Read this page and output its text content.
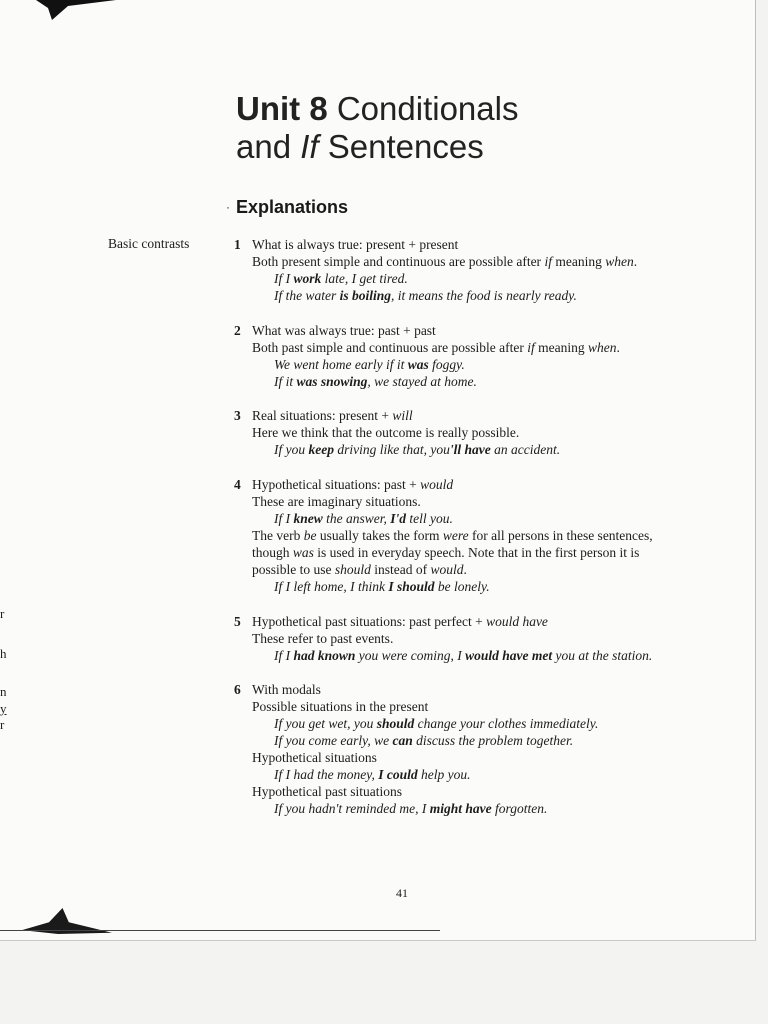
Unit 8 Conditionals
and If Sentences
· Explanations
Basic contrasts
r
h
n
y
r
1 What is always true: present + present
Both present simple and continuous are possible after if meaning when.
If I work late, I get tired.
If the water is boiling, it means the food is nearly ready.
2 What was always true: past + past
Both past simple and continuous are possible after if meaning when.
We went home early if it was foggy.
If it was snowing, we stayed at home.
3 Real situations: present + will
Here we think that the outcome is really possible.
If you keep driving like that, you'll have an accident.
4 Hypothetical situations: past + would
These are imaginary situations.
If I knew the answer, I'd tell you.
The verb be usually takes the form were for all persons in these sentences,
though was is used in everyday speech. Note that in the first person it is
possible to use should instead of would.
If I left home, I think I should be lonely.
5 Hypothetical past situations: past perfect + would have
These refer to past events.
If I had known you were coming, I would have met you at the station.
6 With modals
Possible situations in the present
If you get wet, you should change your clothes immediately.
If you come early, we can discuss the problem together.
Hypothetical situations
If I had the money, I could help you.
Hypothetical past situations
If you hadn't reminded me, I might have forgotten.
41
